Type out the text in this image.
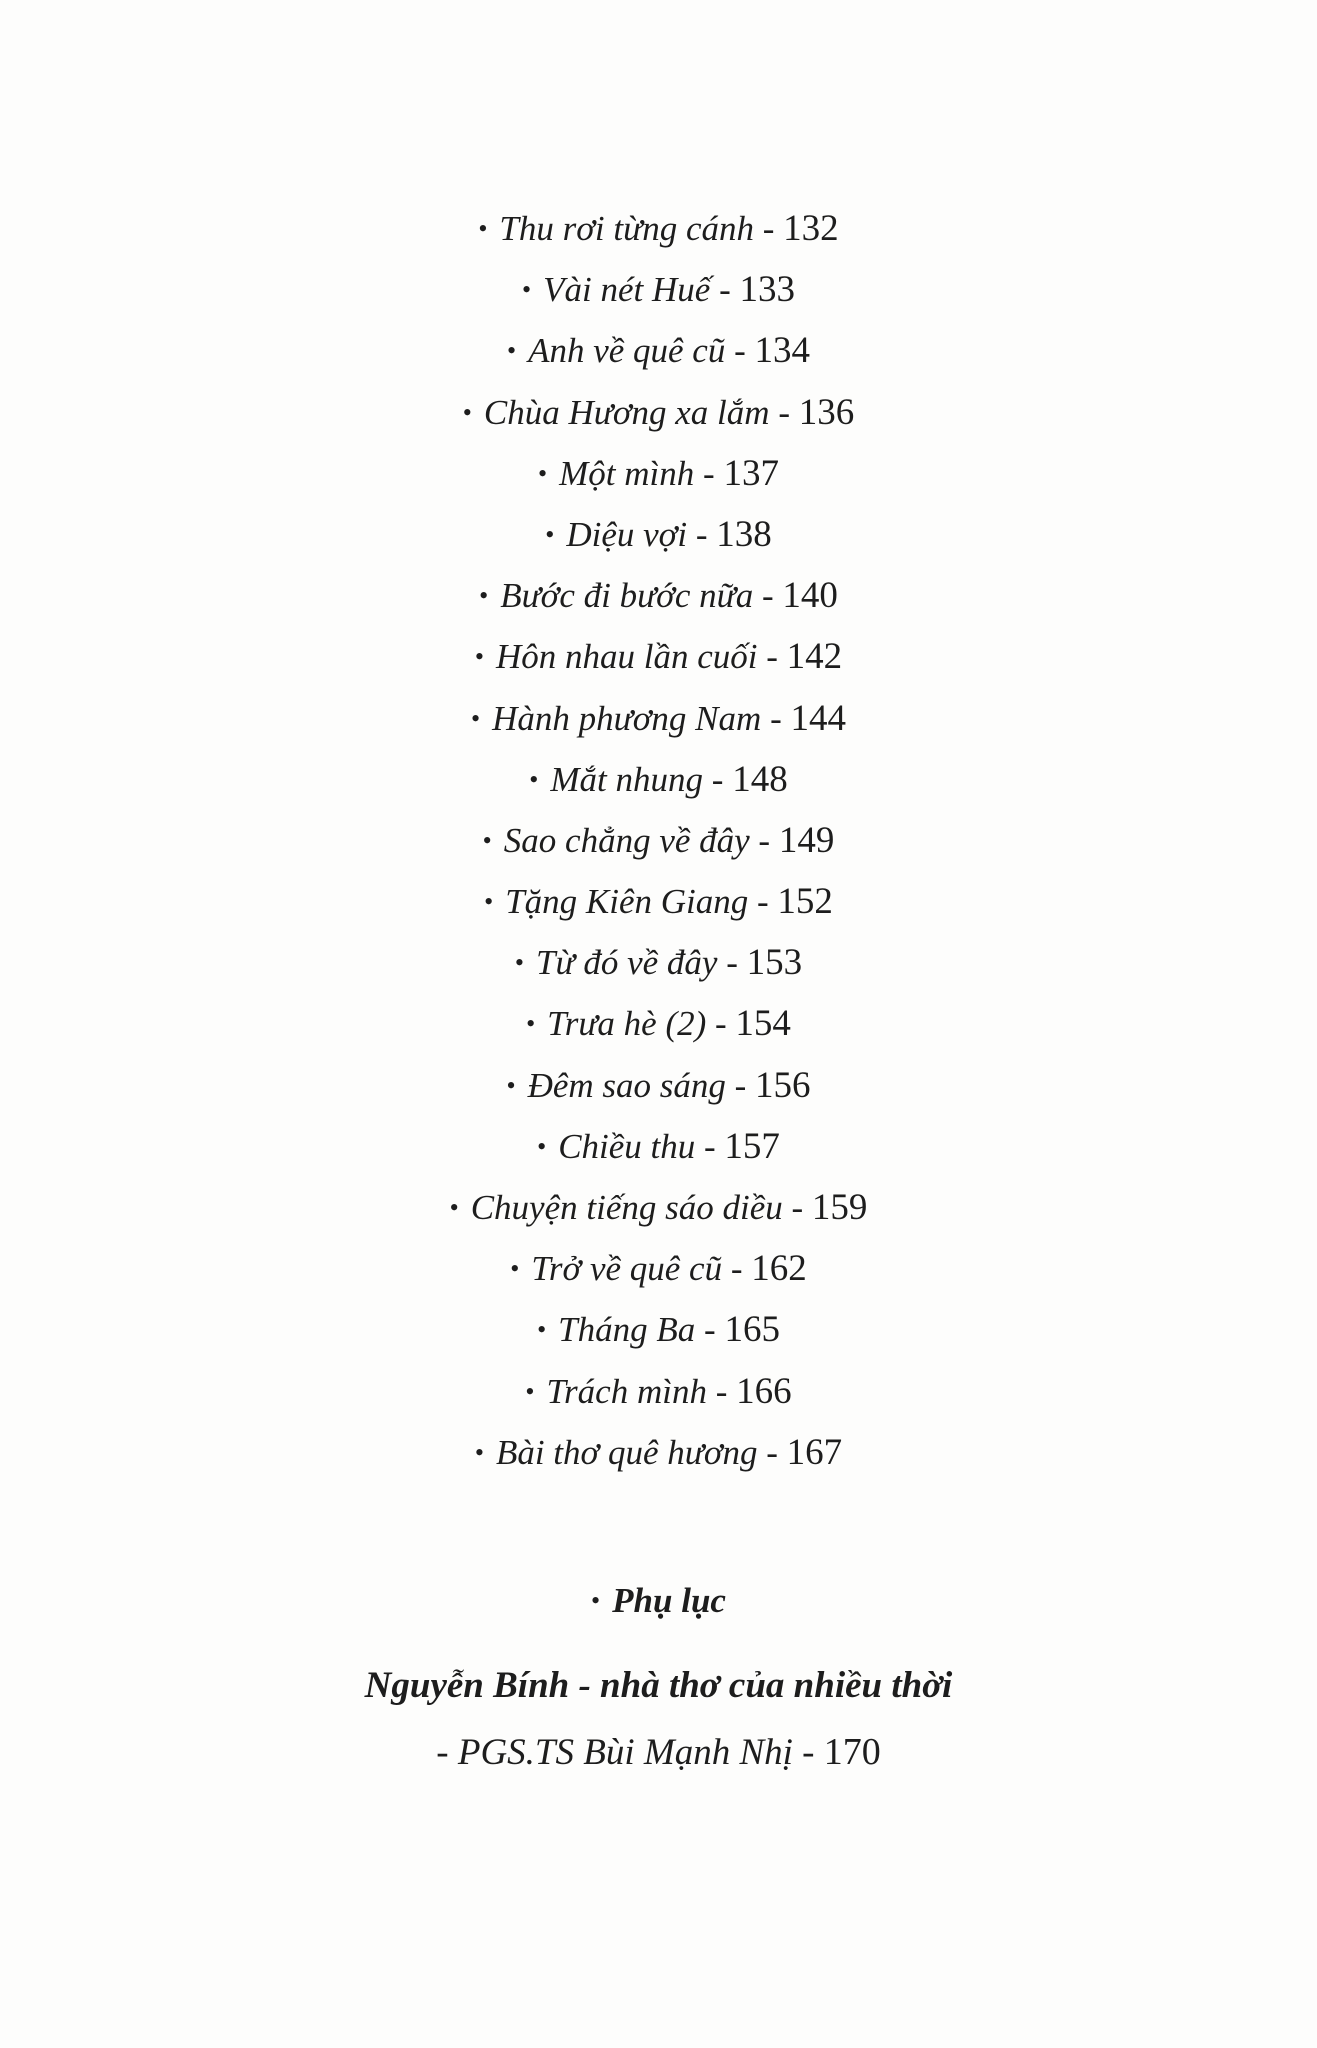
• Thu rơi từng cánh - 132
• Vài nét Huế - 133
• Anh về quê cũ - 134
• Chùa Hương xa lắm - 136
• Một mình - 137
• Diệu vợi - 138
• Bước đi bước nữa - 140
• Hôn nhau lần cuối - 142
• Hành phương Nam - 144
• Mắt nhung - 148
• Sao chẳng về đây - 149
• Tặng Kiên Giang - 152
• Từ đó về đây - 153
• Trưa hè (2) - 154
• Đêm sao sáng - 156
• Chiều thu - 157
• Chuyện tiếng sáo diều - 159
• Trở về quê cũ - 162
• Tháng Ba - 165
• Trách mình - 166
• Bài thơ quê hương - 167
• Phụ lục
Nguyễn Bính - nhà thơ của nhiều thời
- PGS.TS Bùi Mạnh Nhị - 170
